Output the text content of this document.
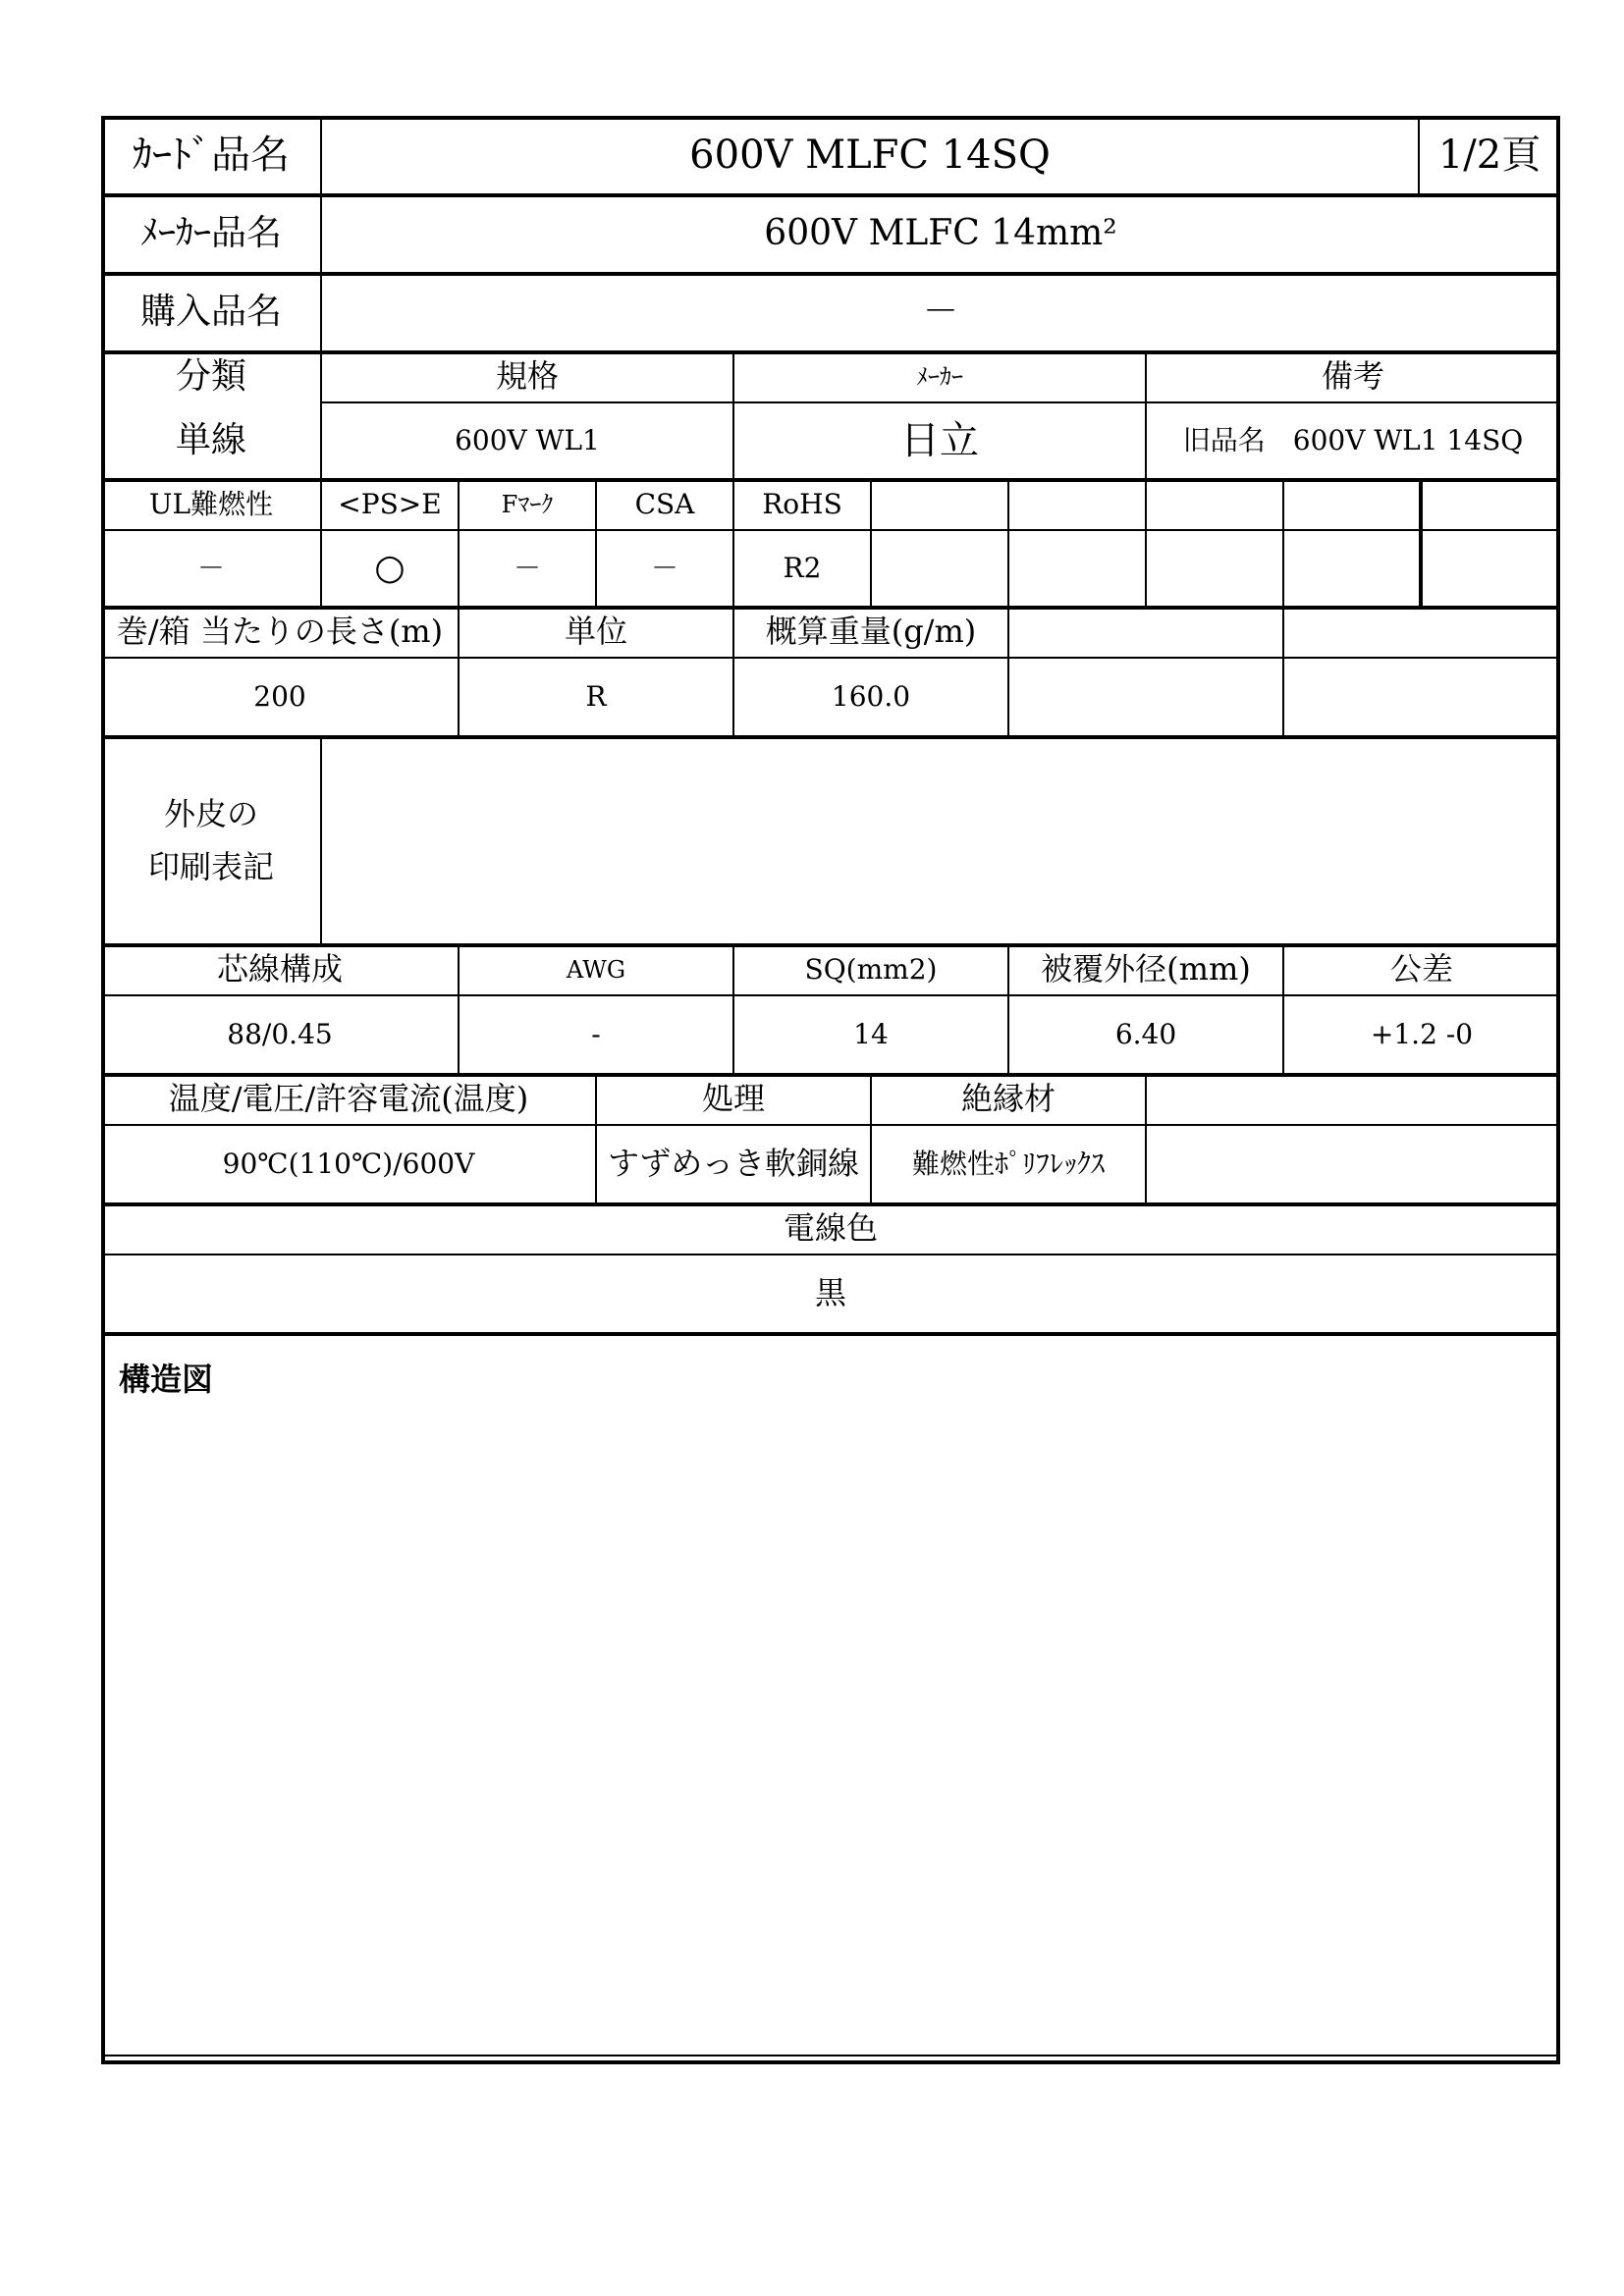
ｶｰﾄﾞ品名	600V MLFC 14SQ	1/2頁
ﾒｰｶｰ品名	600V MLFC 14mm²
購入品名	－
分類	規格	ﾒｰｶｰ	備考
単線	600V WL1	日立	旧品名　600V WL1 14SQ
UL難燃性	<PS>E	Fﾏｰｸ	CSA	RoHS
－	○	－	－	R2
巻/箱 当たりの長さ(m)	単位	概算重量(g/m)
200	R	160.0
外皮の
印刷表記
芯線構成	AWG	SQ(mm2)	被覆外径(mm)	公差
88/0.45	-	14	6.40	+1.2 -0
温度/電圧/許容電流(温度)	処理	絶縁材
90℃(110℃)/600V	すずめっき軟銅線	難燃性ﾎﾟﾘﾌﾚｯｸｽ
電線色
黒
構造図
